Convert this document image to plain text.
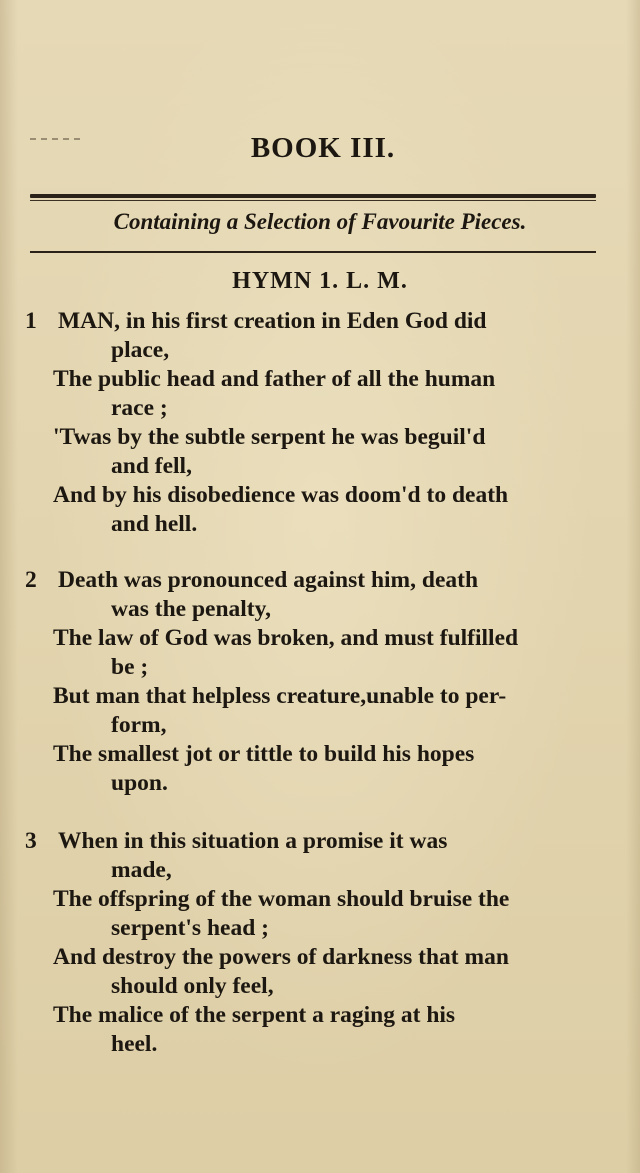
BOOK III.
Containing a Selection of Favourite Pieces.
HYMN 1. L. M.
1 MAN, in his first creation in Eden God did
place,
The public head and father of all the human
race ;
'Twas by the subtle serpent he was beguil'd
and fell,
And by his disobedience was doom'd to death
and hell.
2 Death was pronounced against him, death
was the penalty,
The law of God was broken, and must fulfilled
be ;
But man that helpless creature,unable to per-
form,
The smallest jot or tittle to build his hopes
upon.
3 When in this situation a promise it was
made,
The offspring of the woman should bruise the
serpent's head ;
And destroy the powers of darkness that man
should only feel,
The malice of the serpent a raging at his
heel.
